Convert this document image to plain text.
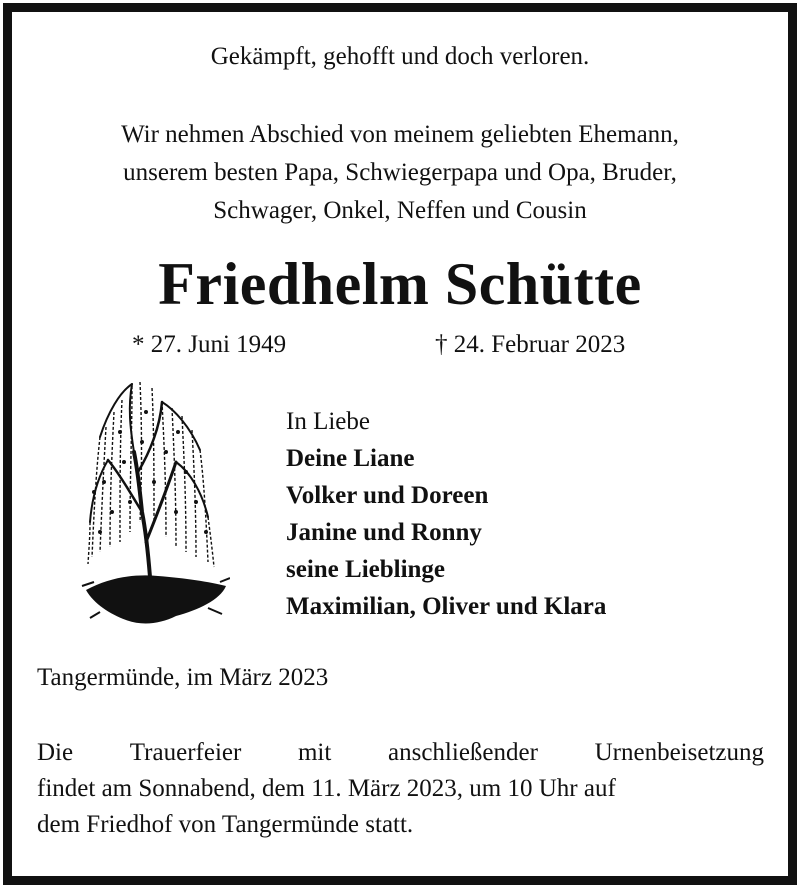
Gekämpft, gehofft und doch verloren.
Wir nehmen Abschied von meinem geliebten Ehemann,
unserem besten Papa, Schwiegerpapa und Opa, Bruder,
Schwager, Onkel, Neffen und Cousin
Friedhelm Schütte
* 27. Juni 1949	† 24. Februar 2023
In Liebe
Deine Liane
Volker und Doreen
Janine und Ronny
seine Lieblinge
Maximilian, Oliver und Klara
Tangermünde, im März 2023
Die Trauerfeier mit anschließender Urnenbeisetzung
findet am Sonnabend, dem 11. März 2023, um 10 Uhr auf
dem Friedhof von Tangermünde statt.
